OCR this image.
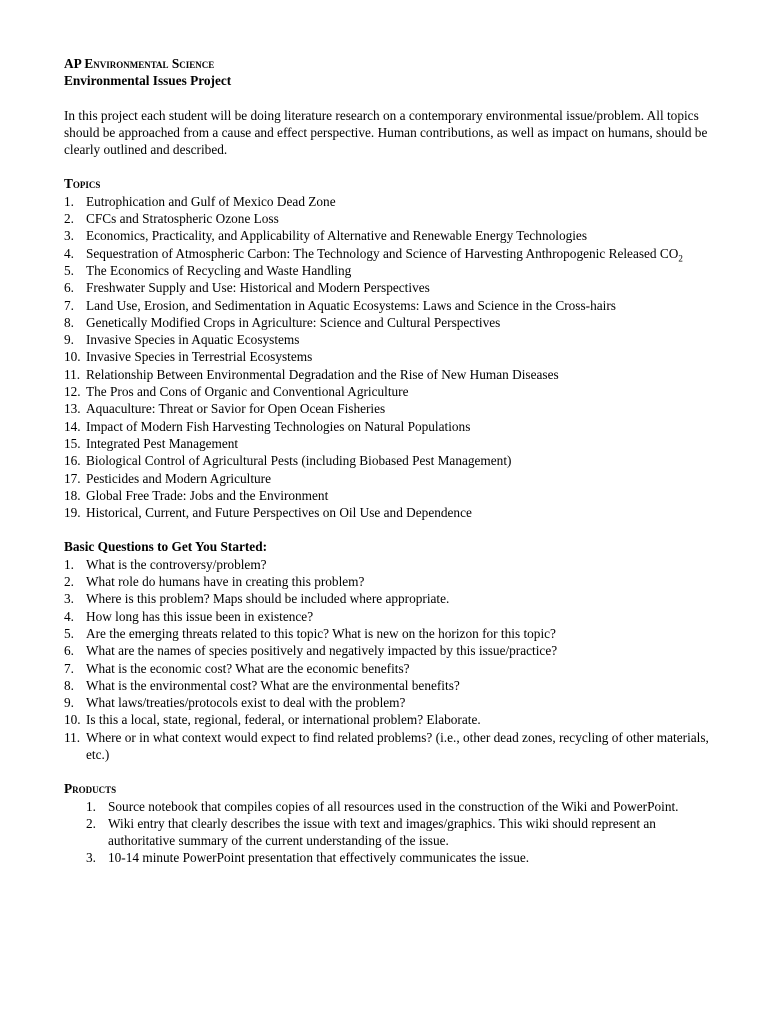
AP Environmental Science

Environmental Issues Project

In this project each student will be doing literature research on a contemporary environmental issue/problem. All topics should be approached from a cause and effect perspective. Human contributions, as well as impact on humans, should be clearly outlined and described.

Topics

1. Eutrophication and Gulf of Mexico Dead Zone
2. CFCs and Stratospheric Ozone Loss
3. Economics, Practicality, and Applicability of Alternative and Renewable Energy Technologies
4. Sequestration of Atmospheric Carbon: The Technology and Science of Harvesting Anthropogenic Released $CO_2$
5. The Economics of Recycling and Waste Handling
6. Freshwater Supply and Use: Historical and Modern Perspectives
7. Land Use, Erosion, and Sedimentation in Aquatic Ecosystems: Laws and Science in the Cross-hairs
8. Genetically Modified Crops in Agriculture: Science and Cultural Perspectives
9. Invasive Species in Aquatic Ecosystems
10. Invasive Species in Terrestrial Ecosystems
11. Relationship Between Environmental Degradation and the Rise of New Human Diseases
12. The Pros and Cons of Organic and Conventional Agriculture
13. Aquaculture: Threat or Savior for Open Ocean Fisheries
14. Impact of Modern Fish Harvesting Technologies on Natural Populations
15. Integrated Pest Management
16. Biological Control of Agricultural Pests (including Biobased Pest Management)
17. Pesticides and Modern Agriculture
18. Global Free Trade: Jobs and the Environment
19. Historical, Current, and Future Perspectives on Oil Use and Dependence

Basic Questions to Get You Started:

1. What is the controversy/problem?
2. What role do humans have in creating this problem?
3. Where is this problem? Maps should be included where appropriate.
4. How long has this issue been in existence?
5. Are the emerging threats related to this topic? What is new on the horizon for this topic?
6. What are the names of species positively and negatively impacted by this issue/practice?
7. What is the economic cost? What are the economic benefits?
8. What is the environmental cost? What are the environmental benefits?
9. What laws/treaties/protocols exist to deal with the problem?
10. Is this a local, state, regional, federal, or international problem? Elaborate.
11. Where or in what context would expect to find related problems? (i.e., other dead zones, recycling of other materials, etc.)

Products

1. Source notebook that compiles copies of all resources used in the construction of the Wiki and PowerPoint.
2. Wiki entry that clearly describes the issue with text and images/graphics. This wiki should represent an authoritative summary of the current understanding of the issue.
3. 10-14 minute PowerPoint presentation that effectively communicates the issue.
